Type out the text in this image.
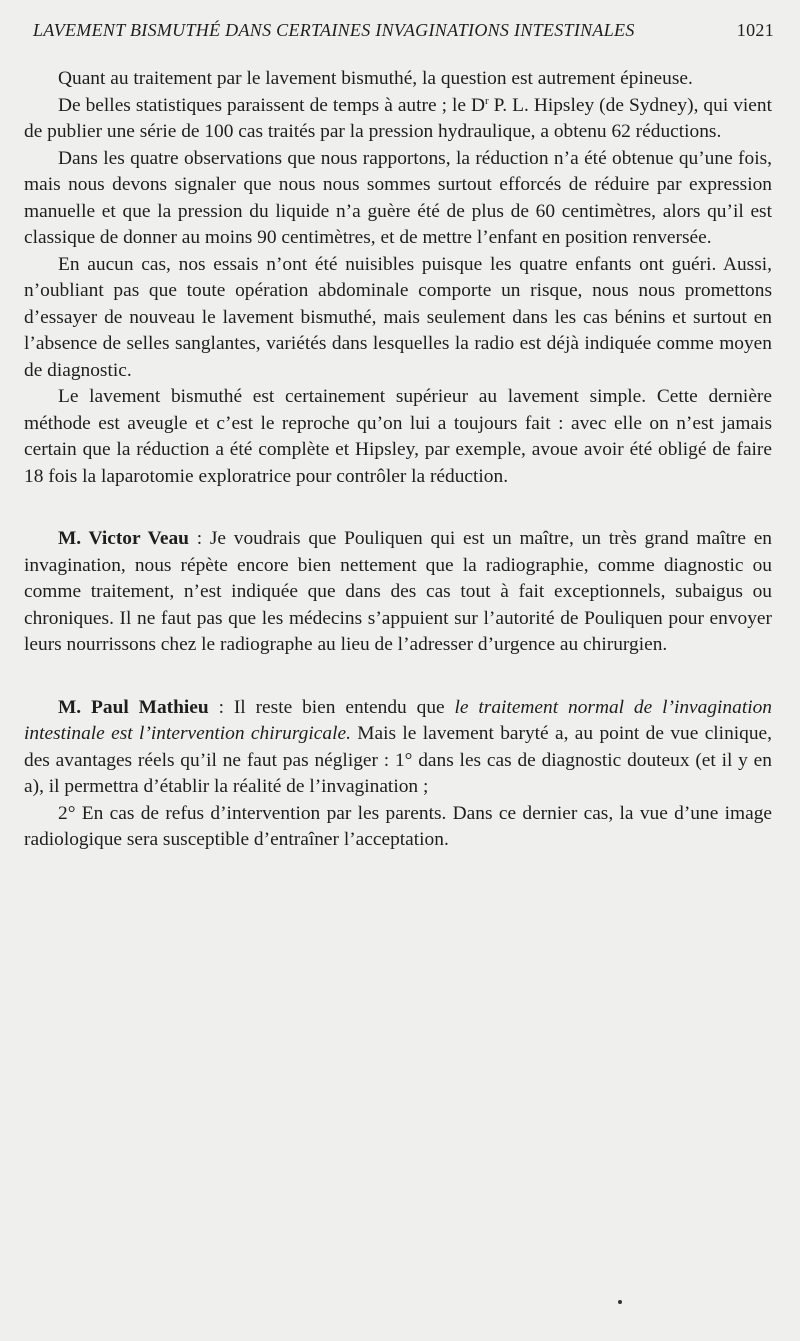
LAVEMENT BISMUTHÉ DANS CERTAINES INVAGINATIONS INTESTINALES	1021

Quant au traitement par le lavement bismuthé, la question est autrement épineuse.

De belles statistiques paraissent de temps à autre ; le $D^r$ P. L. Hipsley (de Sydney), qui vient de publier une série de 100 cas traités par la pression hydraulique, a obtenu 62 réductions.

Dans les quatre observations que nous rapportons, la réduction n’a été obtenue qu’une fois, mais nous devons signaler que nous nous sommes surtout efforcés de réduire par expression manuelle et que la pression du liquide n’a guère été de plus de 60 centimètres, alors qu’il est classique de donner au moins 90 centimètres, et de mettre l’enfant en position renversée.

En aucun cas, nos essais n’ont été nuisibles puisque les quatre enfants ont guéri. Aussi, n’oubliant pas que toute opération abdominale comporte un risque, nous nous promettons d’essayer de nouveau le lavement bismuthé, mais seulement dans les cas bénins et surtout en l’absence de selles sanglantes, variétés dans lesquelles la radio est déjà indiquée comme moyen de diagnostic.

Le lavement bismuthé est certainement supérieur au lavement simple. Cette dernière méthode est aveugle et c’est le reproche qu’on lui a toujours fait : avec elle on n’est jamais certain que la réduction a été complète et Hipsley, par exemple, avoue avoir été obligé de faire 18 fois la laparotomie exploratrice pour contrôler la réduction.

M. Victor Veau : Je voudrais que Pouliquen qui est un maître, un très grand maître en invagination, nous répète encore bien nettement que la radiographie, comme diagnostic ou comme traitement, n’est indiquée que dans des cas tout à fait exceptionnels, subaigus ou chroniques. Il ne faut pas que les médecins s’appuient sur l’autorité de Pouliquen pour envoyer leurs nourrissons chez le radiographe au lieu de l’adresser d’urgence au chirurgien.

M. Paul Mathieu : Il reste bien entendu que le traitement normal de l’invagination intestinale est l’intervention chirurgicale. Mais le lavement baryté a, au point de vue clinique, des avantages réels qu’il ne faut pas négliger : 1° dans les cas de diagnostic douteux (et il y en a), il permettra d’établir la réalité de l’invagination ;

2° En cas de refus d’intervention par les parents. Dans ce dernier cas, la vue d’une image radiologique sera susceptible d’entraîner l’acceptation.
